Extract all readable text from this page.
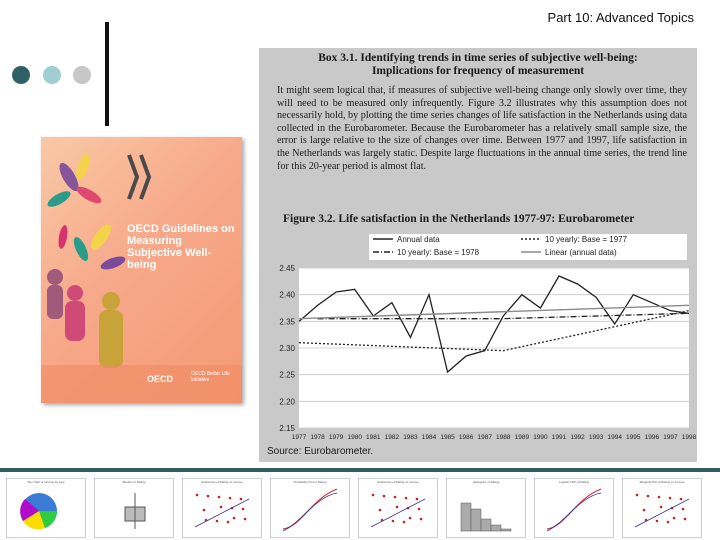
Part 10: Advanced Topics
OECD Guidelines on Measuring Subjective Well-being
OECD	OECD Better Life Initiative
Box 3.1. Identifying trends in time series of subjective well-being:
Implications for frequency of measurement
It might seem logical that, if measures of subjective well-being change only slowly over time, they will need to be measured only infrequently. Figure 3.2 illustrates why this assumption does not necessarily hold, by plotting the time series changes of life satisfaction in the Netherlands using data collected in the Eurobarometer. Because the Eurobarometer has a relatively small sample size, the error is large relative to the size of changes over time. Between 1977 and 1997, life satisfaction in the Netherlands was largely static. Despite large fluctuations in the annual time series, the trend line for this 20-year period is almost flat.
Figure 3.2. Life satisfaction in the Netherlands 1977-97: Eurobarometer
Annual data	10 yearly: Base = 1977
10 yearly: Base = 1978	Linear (annual data)
2.45
2.40
2.35
2.30
2.25
2.20
2.15
1977 1978 1979 1980 1981 1982 1983 1984 1985 1986 1987 1988 1989 1990 1991 1992 1993 1994 1995 1996 1997 1998
Source: Eurobarometer.
Pie Chart of Income by type	Boxplot of Rating	Scatterplot of Rating vs Income	Probability Plot of Rating	Scatterplot of Rating vs Income	Histogram of Rating	Logistic CDF of Rating	Marginal Plot of Rating vs Income
